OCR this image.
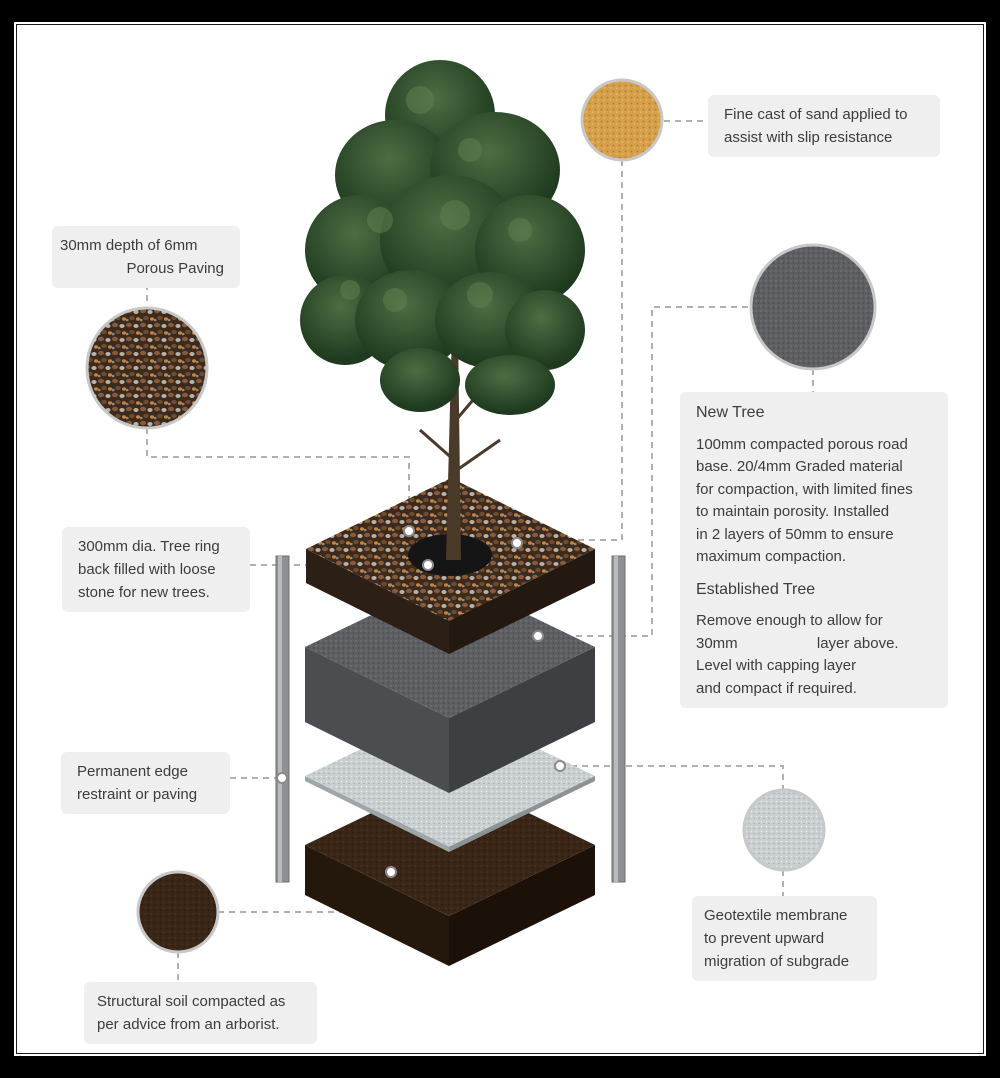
Fine cast of sand applied to
assist with slip resistance
30mm depth of 6mm
Porous Paving
300mm dia. Tree ring
back filled with loose
stone for new trees.
Permanent edge
restraint or paving
Structural soil compacted as
per advice from an arborist.
Geotextile membrane
to prevent upward
migration of subgrade
New Tree
100mm compacted porous road
base. 20/4mm Graded material
for compaction, with limited fines
to maintain porosity. Installed
in 2 layers of 50mm to ensure
maximum compaction.
Established Tree
Remove enough to allow for
30mm                   layer above.
Level with capping layer
and compact if required.
